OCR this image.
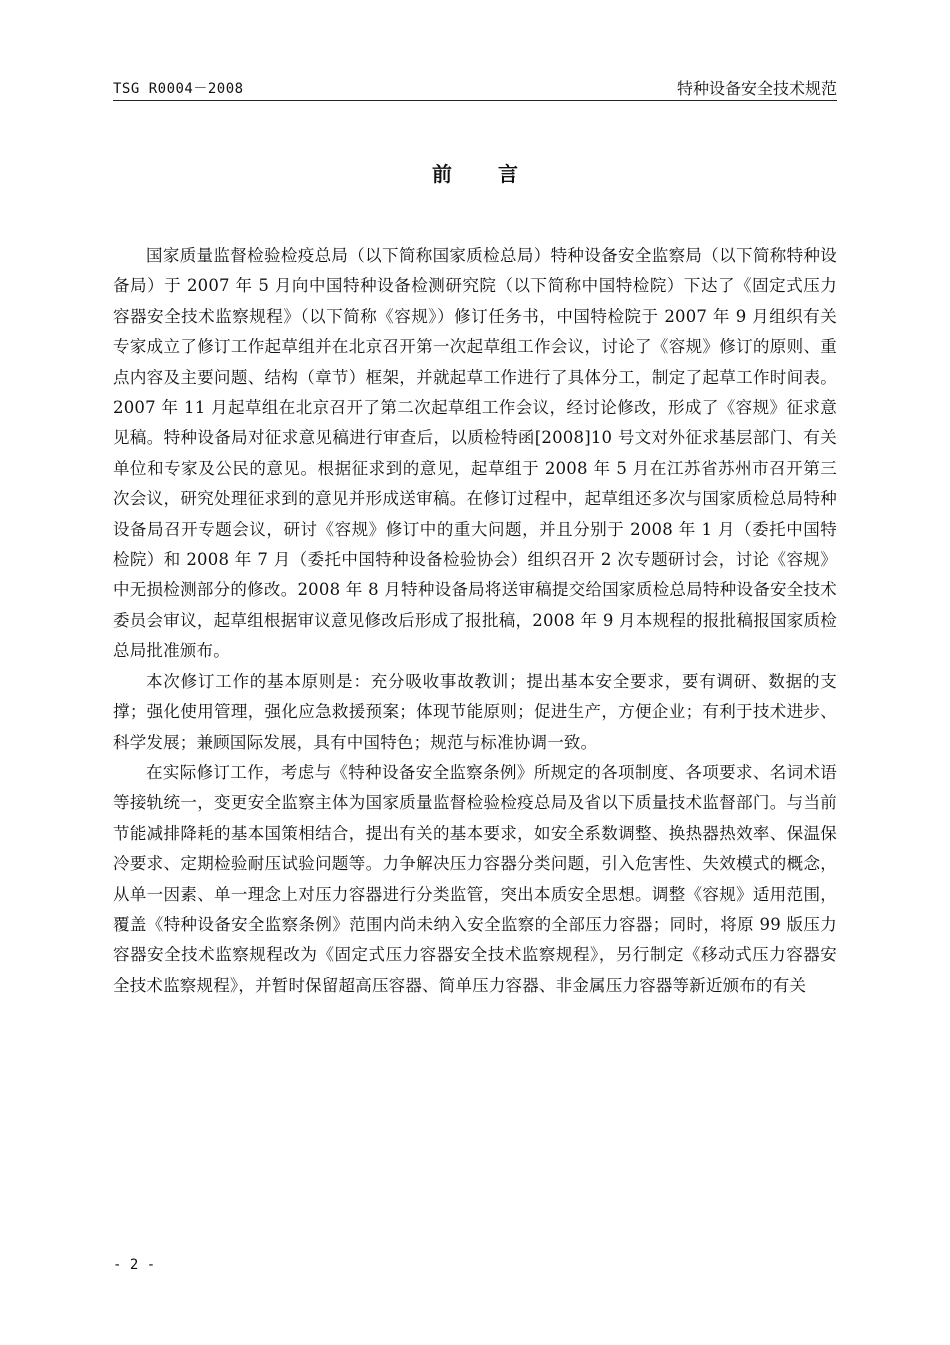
TSG R0004－2008	特种设备安全技术规范
前言

国家质量监督检验检疫总局（以下简称国家质检总局）特种设备安全监察局（以下简称特种设备局）于 2007 年 5 月向中国特种设备检测研究院（以下简称中国特检院）下达了《固定式压力容器安全技术监察规程》（以下简称《容规》）修订任务书，中国特检院于 2007 年 9 月组织有关专家成立了修订工作起草组并在北京召开第一次起草组工作会议，讨论了《容规》修订的原则、重点内容及主要问题、结构（章节）框架，并就起草工作进行了具体分工，制定了起草工作时间表。2007 年 11 月起草组在北京召开了第二次起草组工作会议，经讨论修改，形成了《容规》征求意见稿。特种设备局对征求意见稿进行审查后，以质检特函[2008]10 号文对外征求基层部门、有关单位和专家及公民的意见。根据征求到的意见，起草组于 2008 年 5 月在江苏省苏州市召开第三次会议，研究处理征求到的意见并形成送审稿。在修订过程中，起草组还多次与国家质检总局特种设备局召开专题会议，研讨《容规》修订中的重大问题，并且分别于 2008 年 1 月（委托中国特检院）和 2008 年 7 月（委托中国特种设备检验协会）组织召开 2 次专题研讨会，讨论《容规》中无损检测部分的修改。2008 年 8 月特种设备局将送审稿提交给国家质检总局特种设备安全技术委员会审议，起草组根据审议意见修改后形成了报批稿，2008 年 9 月本规程的报批稿报国家质检总局批准颁布。

本次修订工作的基本原则是：充分吸收事故教训；提出基本安全要求，要有调研、数据的支撑；强化使用管理，强化应急救援预案；体现节能原则；促进生产，方便企业；有利于技术进步、科学发展；兼顾国际发展，具有中国特色；规范与标准协调一致。

在实际修订工作，考虑与《特种设备安全监察条例》所规定的各项制度、各项要求、名词术语等接轨统一，变更安全监察主体为国家质量监督检验检疫总局及省以下质量技术监督部门。与当前节能减排降耗的基本国策相结合，提出有关的基本要求，如安全系数调整、换热器热效率、保温保冷要求、定期检验耐压试验问题等。力争解决压力容器分类问题，引入危害性、失效模式的概念，从单一因素、单一理念上对压力容器进行分类监管，突出本质安全思想。调整《容规》适用范围，覆盖《特种设备安全监察条例》范围内尚未纳入安全监察的全部压力容器；同时，将原 99 版压力容器安全技术监察规程改为《固定式压力容器安全技术监察规程》，另行制定《移动式压力容器安全技术监察规程》，并暂时保留超高压容器、简单压力容器、非金属压力容器等新近颁布的有关

- 2 -
